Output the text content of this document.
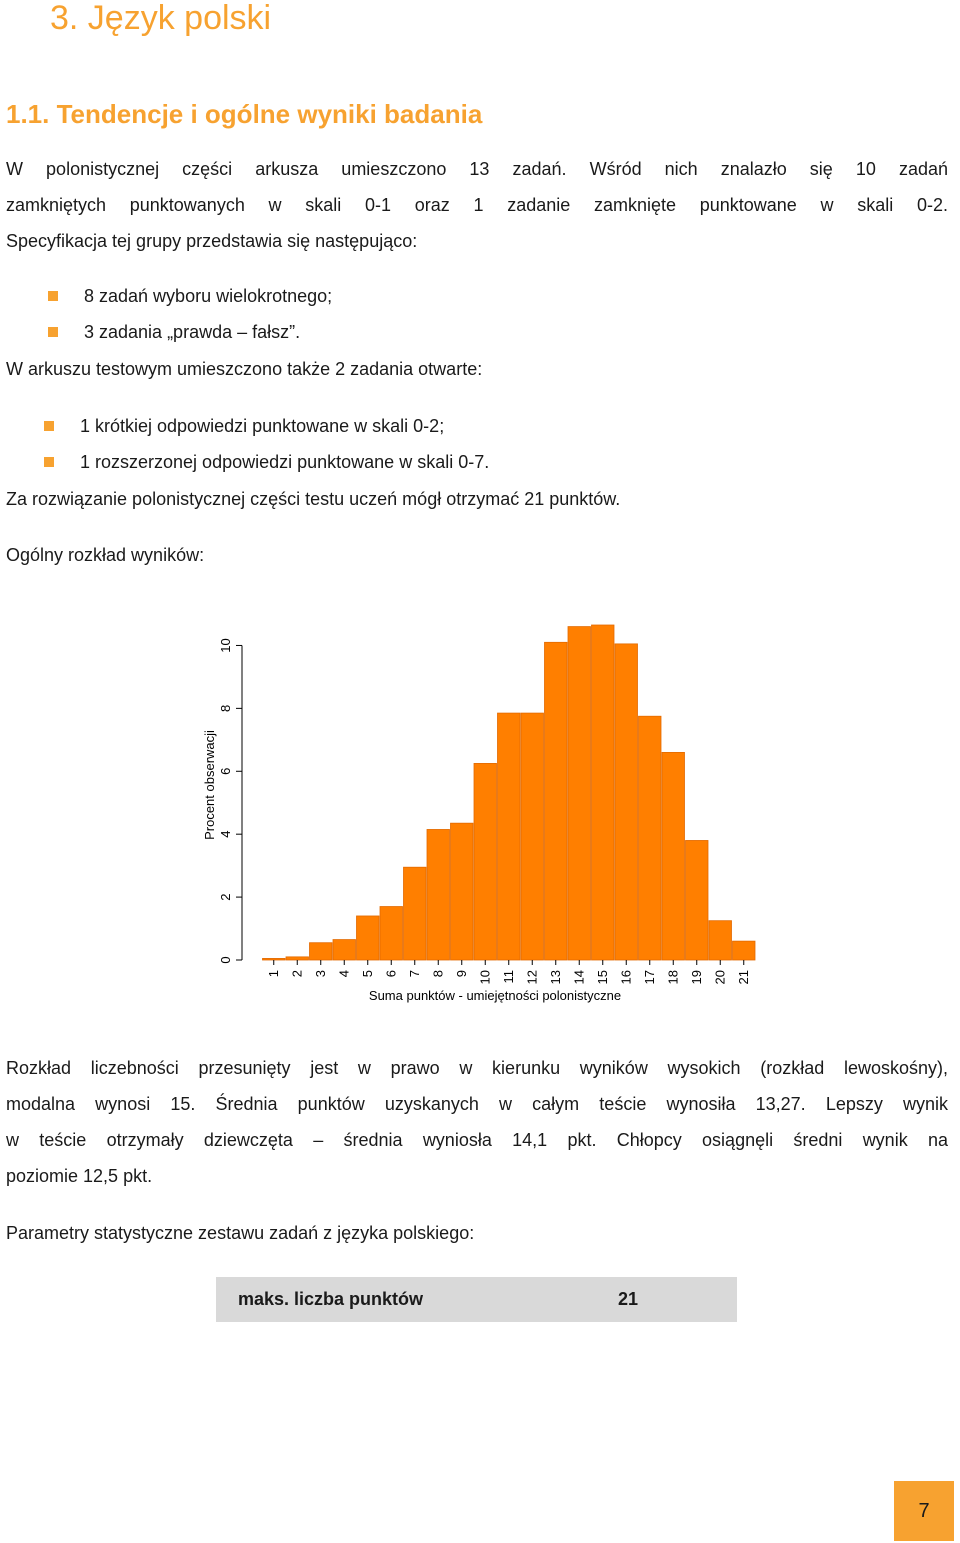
3. Język polski
1.1. Tendencje i ogólne wyniki badania

W polonistycznej części arkusza umieszczono 13 zadań. Wśród nich znalazło się 10 zadań

zamkniętych punktowanych w skali 0-1 oraz 1 zadanie zamknięte punktowane w skali 0-2.

Specyfikacja tej grupy przedstawia się następująco:

8 zadań wyboru wielokrotnego;
3 zadania „prawda – fałsz”.

W arkuszu testowym umieszczono także 2 zadania otwarte:

1 krótkiej odpowiedzi punktowane w skali 0-2;
1 rozszerzonej odpowiedzi punktowane w skali 0-7.

Za rozwiązanie polonistycznej części testu uczeń mógł otrzymać 21 punktów.

Ogólny rozkład wyników:

0
2
4
6
8
10
1 2 3 4 5 6 7 8 9 10 11 12 13 14 15 16 17 18 19 20 21
Procent obserwacji
Suma punktów - umiejętności polonistyczne

Rozkład liczebności przesunięty jest w prawo w kierunku wyników wysokich (rozkład lewoskośny),

modalna wynosi 15. Średnia punktów uzyskanych w całym teście wynosiła 13,27. Lepszy wynik

w teście otrzymały dziewczęta – średnia wyniosła 14,1 pkt. Chłopcy osiągnęli średni wynik na

poziomie 12,5 pkt.

Parametry statystyczne zestawu zadań z języka polskiego:

maks. liczba punktów	21
7
